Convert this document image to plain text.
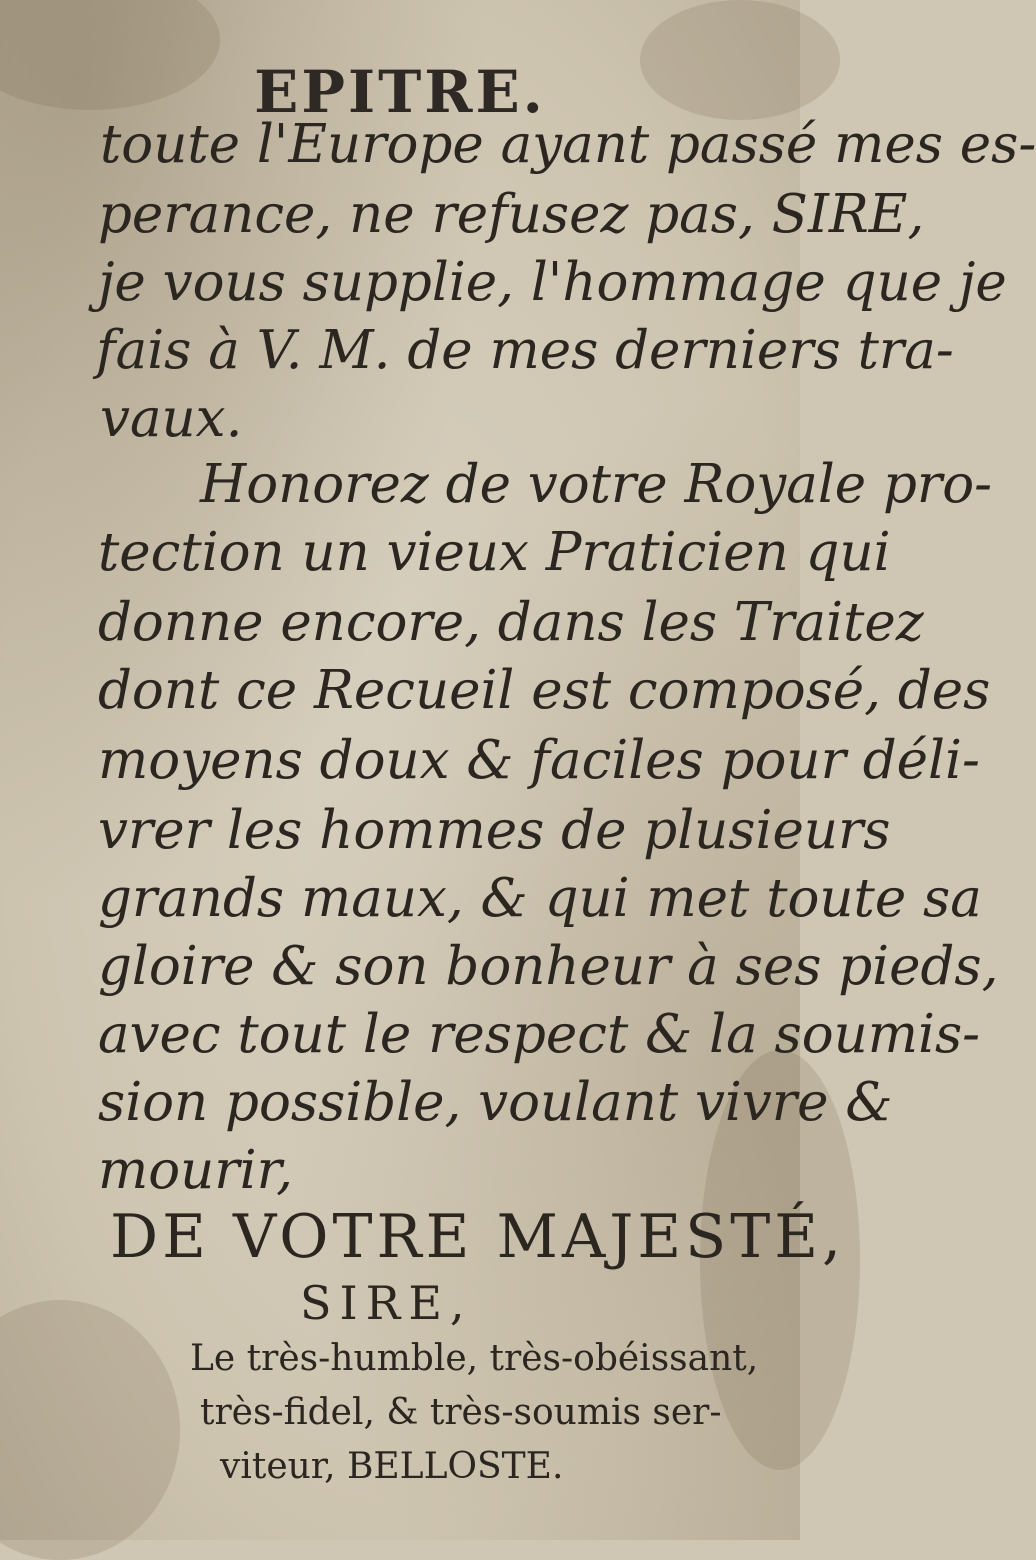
EPITRE.
toute l'Europe ayant passé mes es-
perance, ne refusez pas, SIRE,
je vous supplie, l'hommage que je
fais à V. M. de mes derniers tra-
vaux.
Honorez de votre Royale pro-
tection un vieux Praticien qui
donne encore, dans les Traitez
dont ce Recueil est composé, des
moyens doux & faciles pour déli-
vrer les hommes de plusieurs
grands maux, & qui met toute sa
gloire & son bonheur à ses pieds,
avec tout le respect & la soumis-
sion possible, voulant vivre &
mourir,
DE VOTRE MAJESTÉ,
SIRE,
Le très-humble, très-obéissant,
très-fidel, & très-soumis ser-
viteur, BELLOSTE.
